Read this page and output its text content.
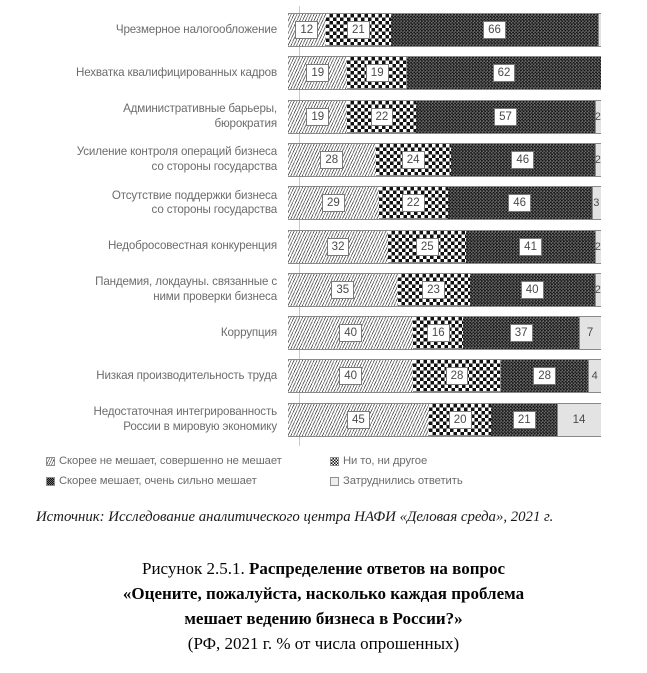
Чрезмерное налогообложение	12	21	66
Нехватка квалифицированных кадров	19	19	62
Административные барьеры,
бюрократия	19	22	57	2
Усиление контроля операций бизнеса
со стороны государства	28	24	46	2
Отсутствие поддержки бизнеса
со стороны государства	29	22	46	3
Недобросовестная конкуренция	32	25	41	2
Пандемия, локдауны. связанные с
ними проверки бизнеса	35	23	40	2
Коррупция	40	16	37	7
Низкая производительность труда	40	28	28	4
Недостаточная интегрированность
России в мировую экономику	45	20	21	14
Скорее не мешает, совершенно не мешает	Ни то, ни другое
Скорее мешает, очень сильно мешает	Затруднились ответить
Источник: Исследование аналитического центра НАФИ «Деловая среда», 2021 г.
Рисунок 2.5.1. Распределение ответов на вопрос
«Оцените, пожалуйста, насколько каждая проблема
мешает ведению бизнеса в России?»
(РФ, 2021 г. % от числа опрошенных)
